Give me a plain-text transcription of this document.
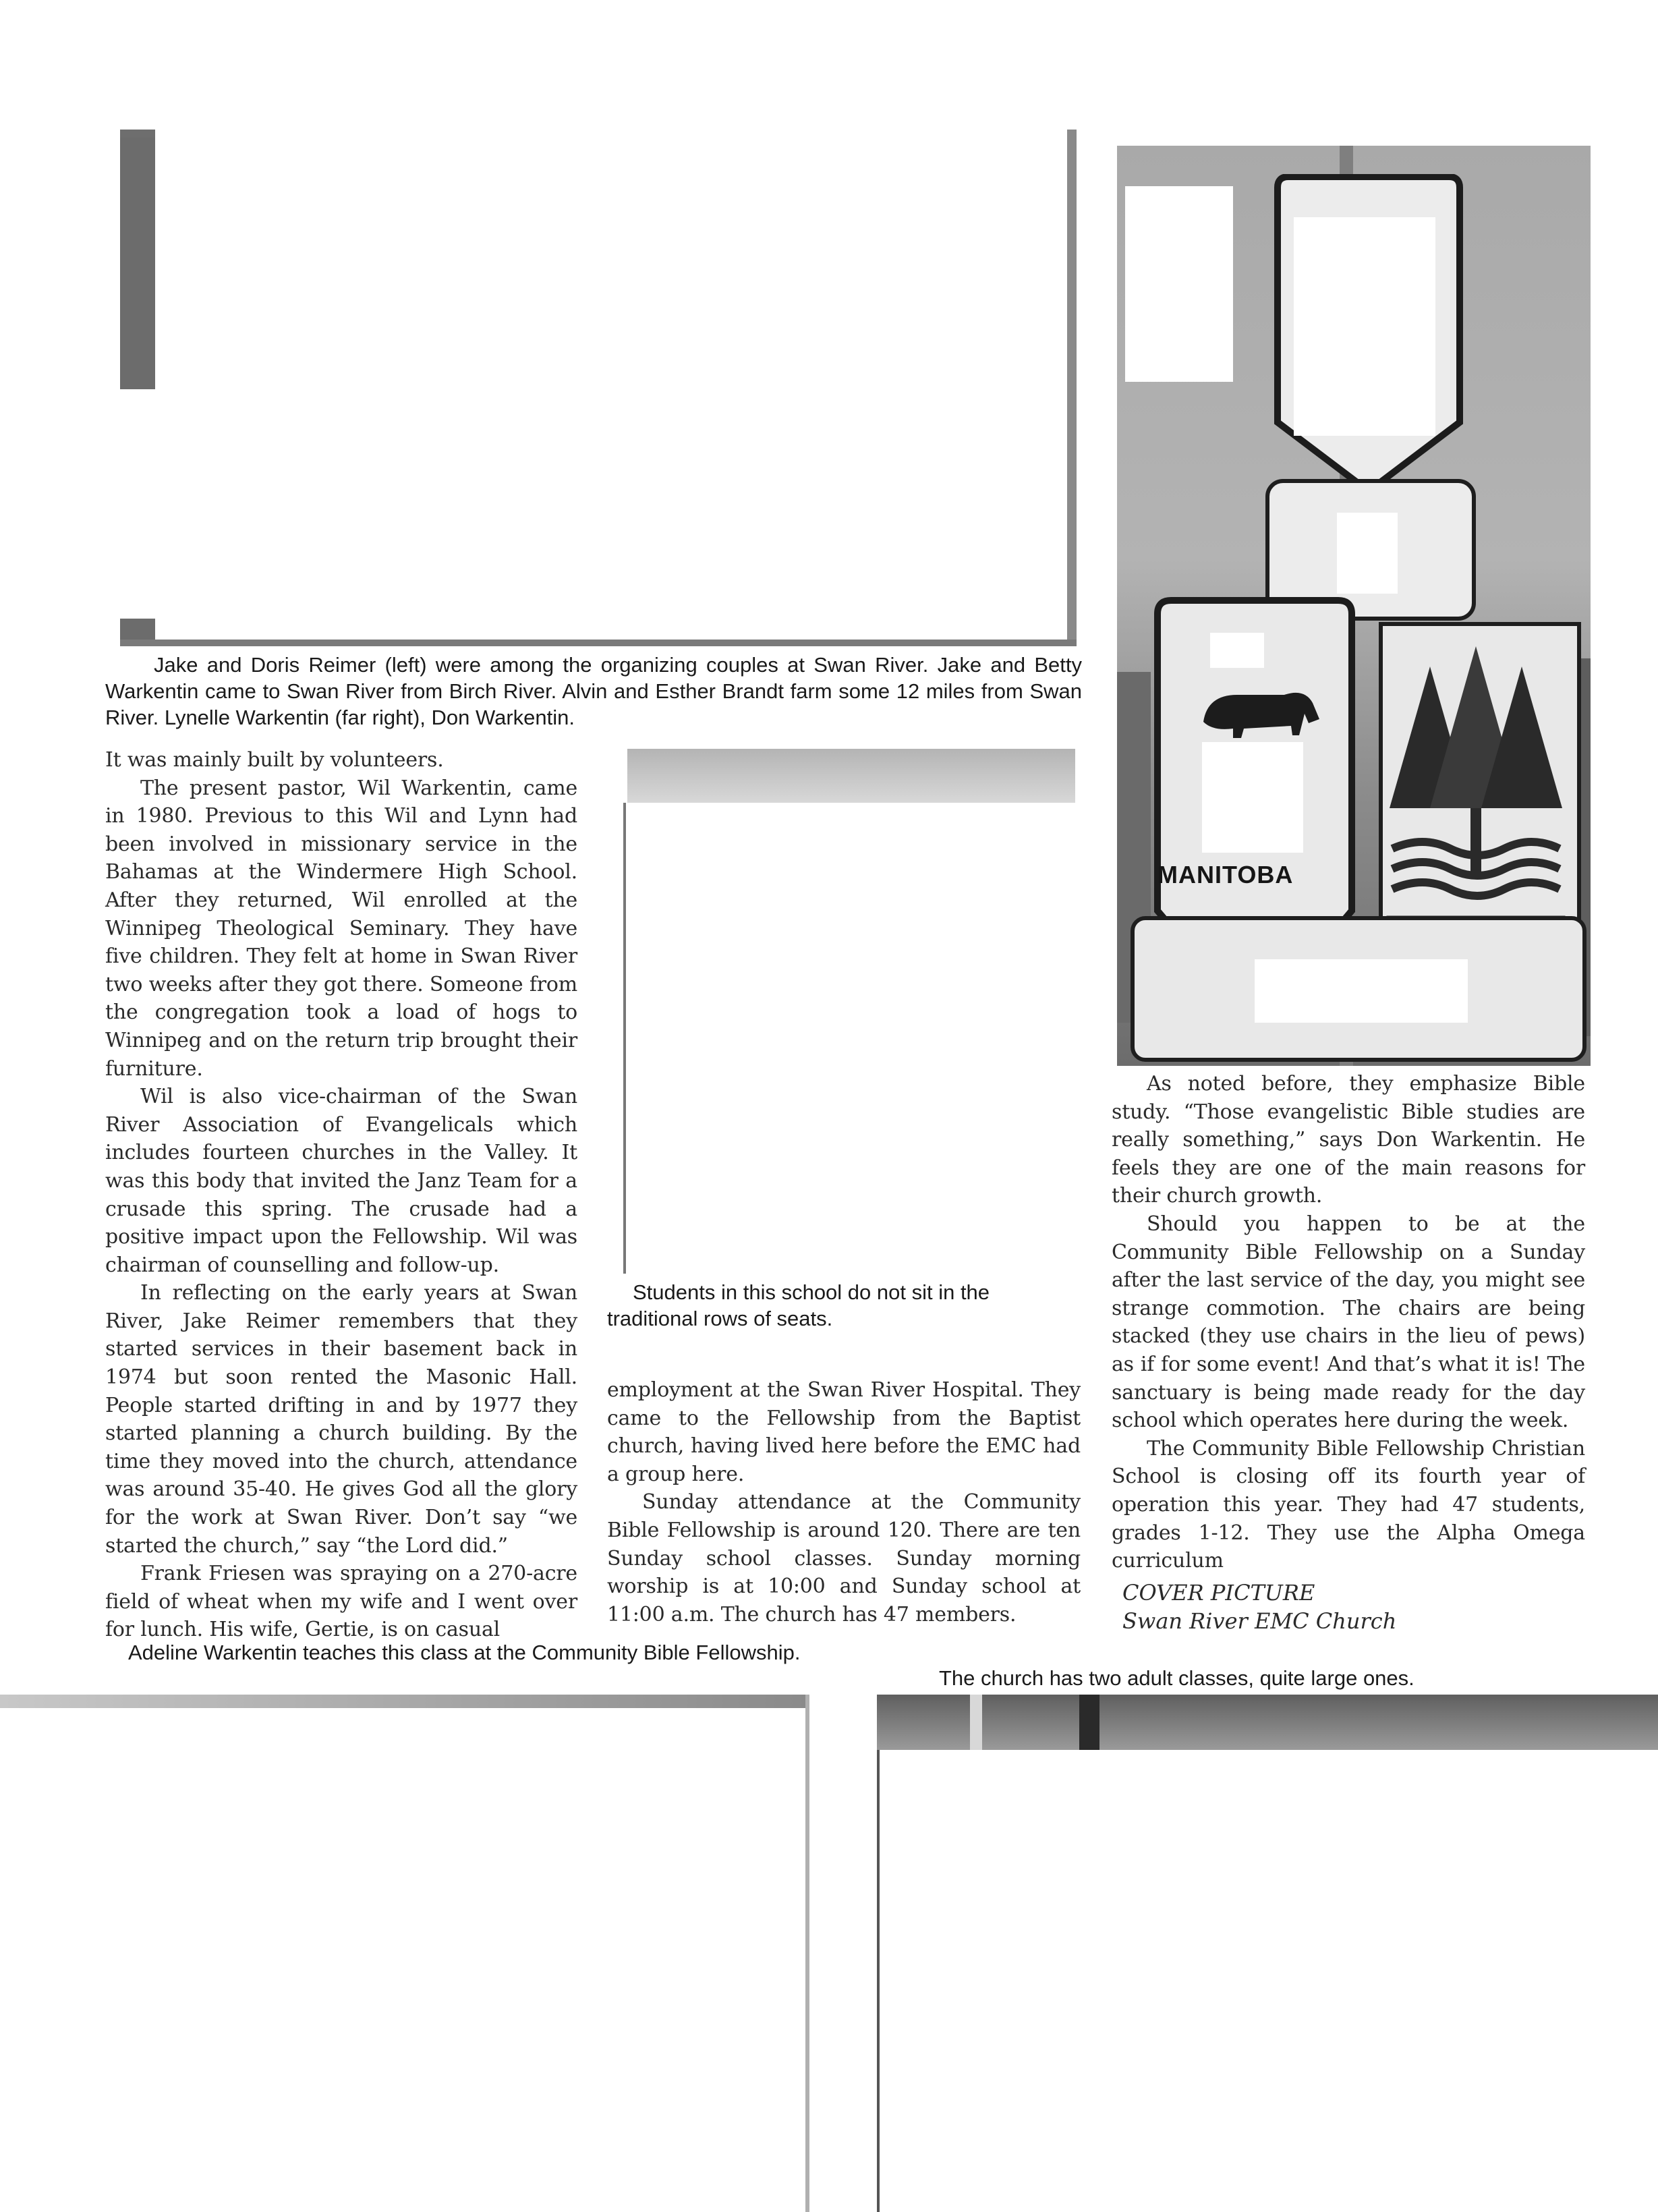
Jake and Doris Reimer (left) were among the organizing couples at Swan River. Jake and Betty Warkentin came to Swan River from Birch River. Alvin and Esther Brandt farm some 12 miles from Swan River. Lynelle Warkentin (far right), Don Warkentin.
MANITOBA

It was mainly built by volunteers.

The present pastor, Wil Warkentin, came in 1980. Previous to this Wil and Lynn had been involved in missionary service in the Bahamas at the Windermere High School. After they returned, Wil enrolled at the Winnipeg Theological Seminary. They have five children. They felt at home in Swan River two weeks after they got there. Someone from the congregation took a load of hogs to Winnipeg and on the return trip brought their furniture.

Wil is also vice-chairman of the Swan River Association of Evangelicals which includes fourteen churches in the Valley. It was this body that invited the Janz Team for a crusade this spring. The crusade had a positive impact upon the Fellowship. Wil was chairman of counselling and follow-up.

In reflecting on the early years at Swan River, Jake Reimer remembers that they started services in their basement back in 1974 but soon rented the Masonic Hall. People started drifting in and by 1977 they started planning a church building. By the time they moved into the church, attendance was around 35-40. He gives God all the glory for the work at Swan River. Don’t say “we started the church,” say “the Lord did.”

Frank Friesen was spraying on a 270-acre field of wheat when my wife and I went over for lunch. His wife, Gertie, is on casual

Students in this school do not sit in the traditional rows of seats.

employment at the Swan River Hospital. They came to the Fellowship from the Baptist church, having lived here before the EMC had a group here.

Sunday attendance at the Community Bible Fellowship is around 120. There are ten Sunday school classes. Sunday morning worship is at 10:00 and Sunday school at 11:00 a.m. The church has 47 members.

As noted before, they emphasize Bible study. “Those evangelistic Bible studies are really something,” says Don Warkentin. He feels they are one of the main reasons for their church growth.

Should you happen to be at the Community Bible Fellowship on a Sunday after the last service of the day, you might see strange commotion. The chairs are being stacked (they use chairs in the lieu of pews) as if for some event! And that’s what it is! The sanctuary is being made ready for the day school which operates here during the week.

The Community Bible Fellowship Christian School is closing off its fourth year of operation this year. They had 47 students, grades 1-12. They use the Alpha Omega curriculum

COVER PICTURE
Swan River EMC Church
Adeline Warkentin teaches this class at the Community Bible Fellowship.
The church has two adult classes, quite large ones.
